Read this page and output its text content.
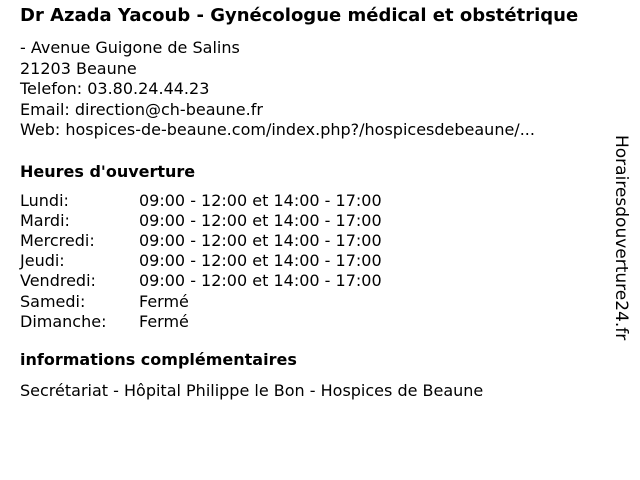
Dr Azada Yacoub - Gynécologue médical et obstétrique
- Avenue Guigone de Salins
21203 Beaune
Telefon: 03.80.24.44.23
Email: direction@ch-beaune.fr
Web: hospices-de-beaune.com/index.php?/hospicesdebeaune/...
Heures d'ouverture
Lundi:	09:00 - 12:00 et 14:00 - 17:00
Mardi:	09:00 - 12:00 et 14:00 - 17:00
Mercredi:	09:00 - 12:00 et 14:00 - 17:00
Jeudi:	09:00 - 12:00 et 14:00 - 17:00
Vendredi:	09:00 - 12:00 et 14:00 - 17:00
Samedi:	Fermé
Dimanche:	Fermé
informations complémentaires
Secrétariat - Hôpital Philippe le Bon - Hospices de Beaune
Horairesdouverture24.fr
